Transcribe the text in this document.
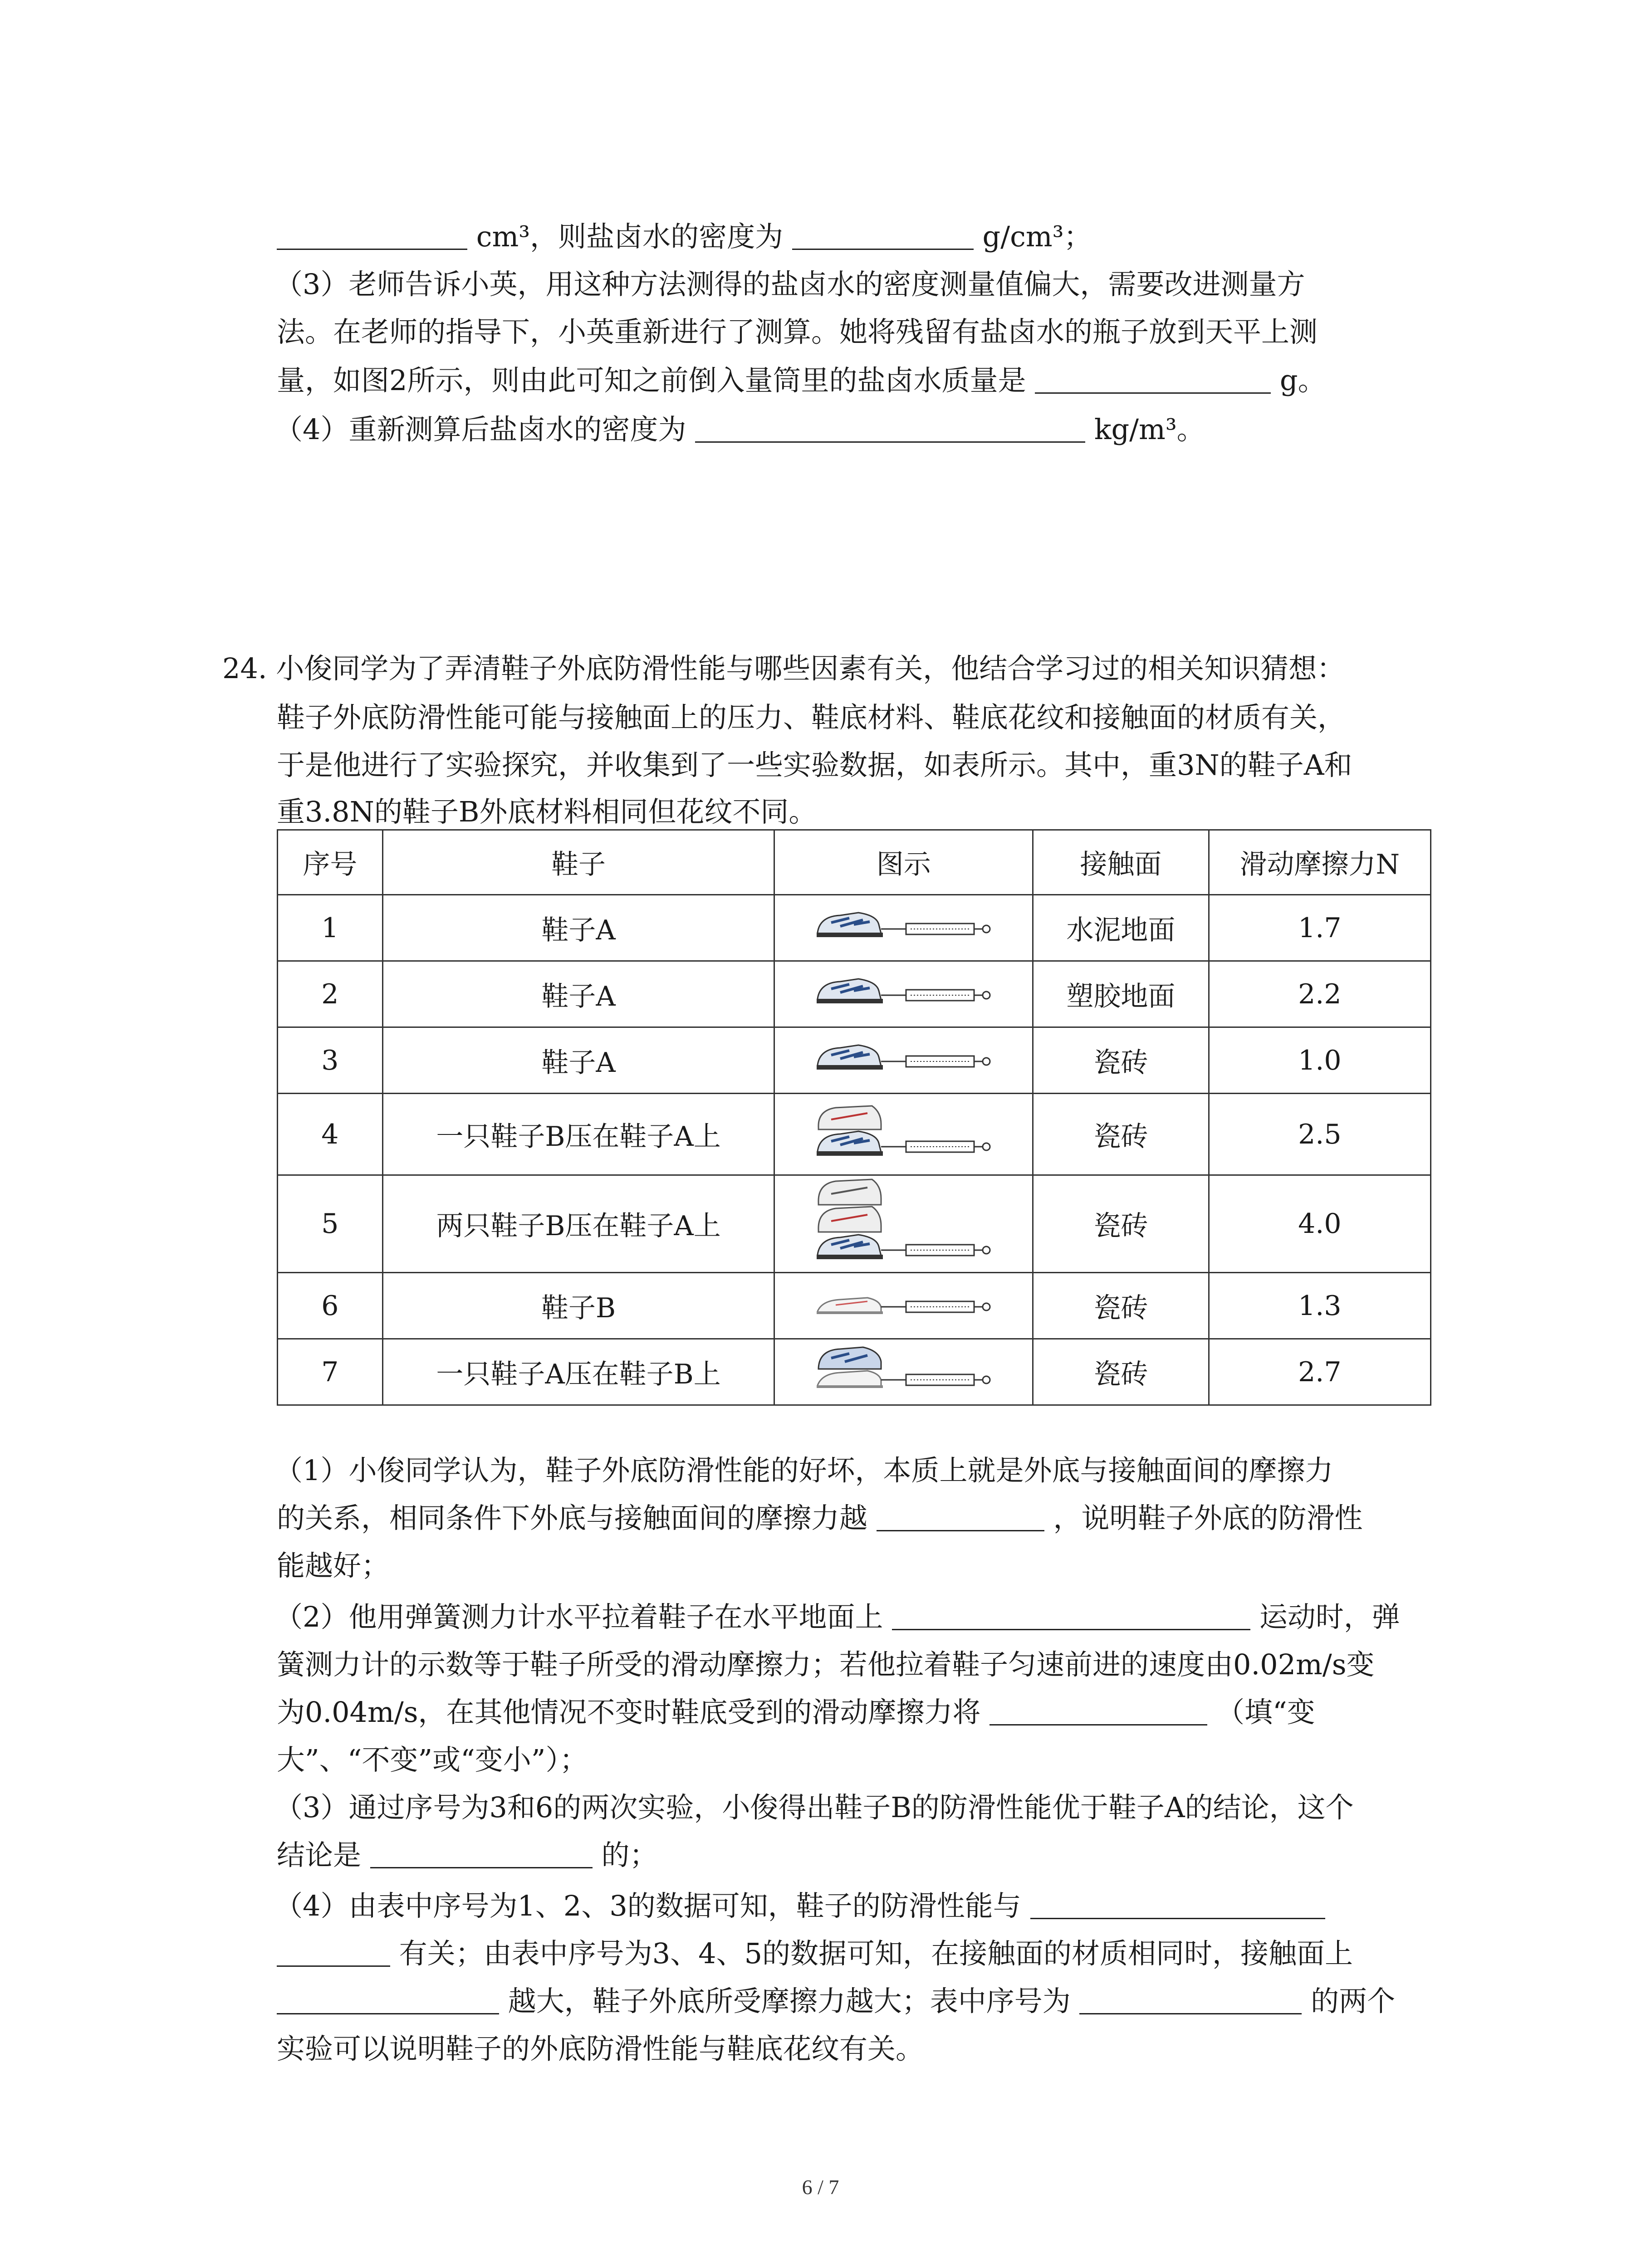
cm³，则盐卤水的密度为	g/cm³；
（3）老师告诉小英，用这种方法测得的盐卤水的密度测量值偏大，需要改进测量方
法。在老师的指导下，小英重新进行了测算。她将残留有盐卤水的瓶子放到天平上测
量，如图2所示，则由此可知之前倒入量筒里的盐卤水质量是	g。
（4）重新测算后盐卤水的密度为	kg/m³。
24. 小俊同学为了弄清鞋子外底防滑性能与哪些因素有关，他结合学习过的相关知识猜想：
鞋子外底防滑性能可能与接触面上的压力、鞋底材料、鞋底花纹和接触面的材质有关，
于是他进行了实验探究，并收集到了一些实验数据，如表所示。其中，重3N的鞋子A和
重3.8N的鞋子B外底材料相同但花纹不同。
序号	鞋子	图示	接触面	滑动摩擦力N
1	鞋子A		水泥地面	1.7
2	鞋子A		塑胶地面	2.2
3	鞋子A		瓷砖	1.0
4	一只鞋子B压在鞋子A上		瓷砖	2.5
5	两只鞋子B压在鞋子A上		瓷砖	4.0
6	鞋子B		瓷砖	1.3
7	一只鞋子A压在鞋子B上		瓷砖	2.7
（1）小俊同学认为，鞋子外底防滑性能的好坏，本质上就是外底与接触面间的摩擦力
的关系，相同条件下外底与接触面间的摩擦力越	，说明鞋子外底的防滑性
能越好；
（2）他用弹簧测力计水平拉着鞋子在水平地面上	运动时，弹
簧测力计的示数等于鞋子所受的滑动摩擦力；若他拉着鞋子匀速前进的速度由0.02m/s变
为0.04m/s，在其他情况不变时鞋底受到的滑动摩擦力将	（填“变
大”、“不变”或“变小”）；
（3）通过序号为3和6的两次实验，小俊得出鞋子B的防滑性能优于鞋子A的结论，这个
结论是	的；
（4）由表中序号为1、2、3的数据可知，鞋子的防滑性能与
有关；由表中序号为3、4、5的数据可知，在接触面的材质相同时，接触面上
越大，鞋子外底所受摩擦力越大；表中序号为	的两个
实验可以说明鞋子的外底防滑性能与鞋底花纹有关。
6 / 7
